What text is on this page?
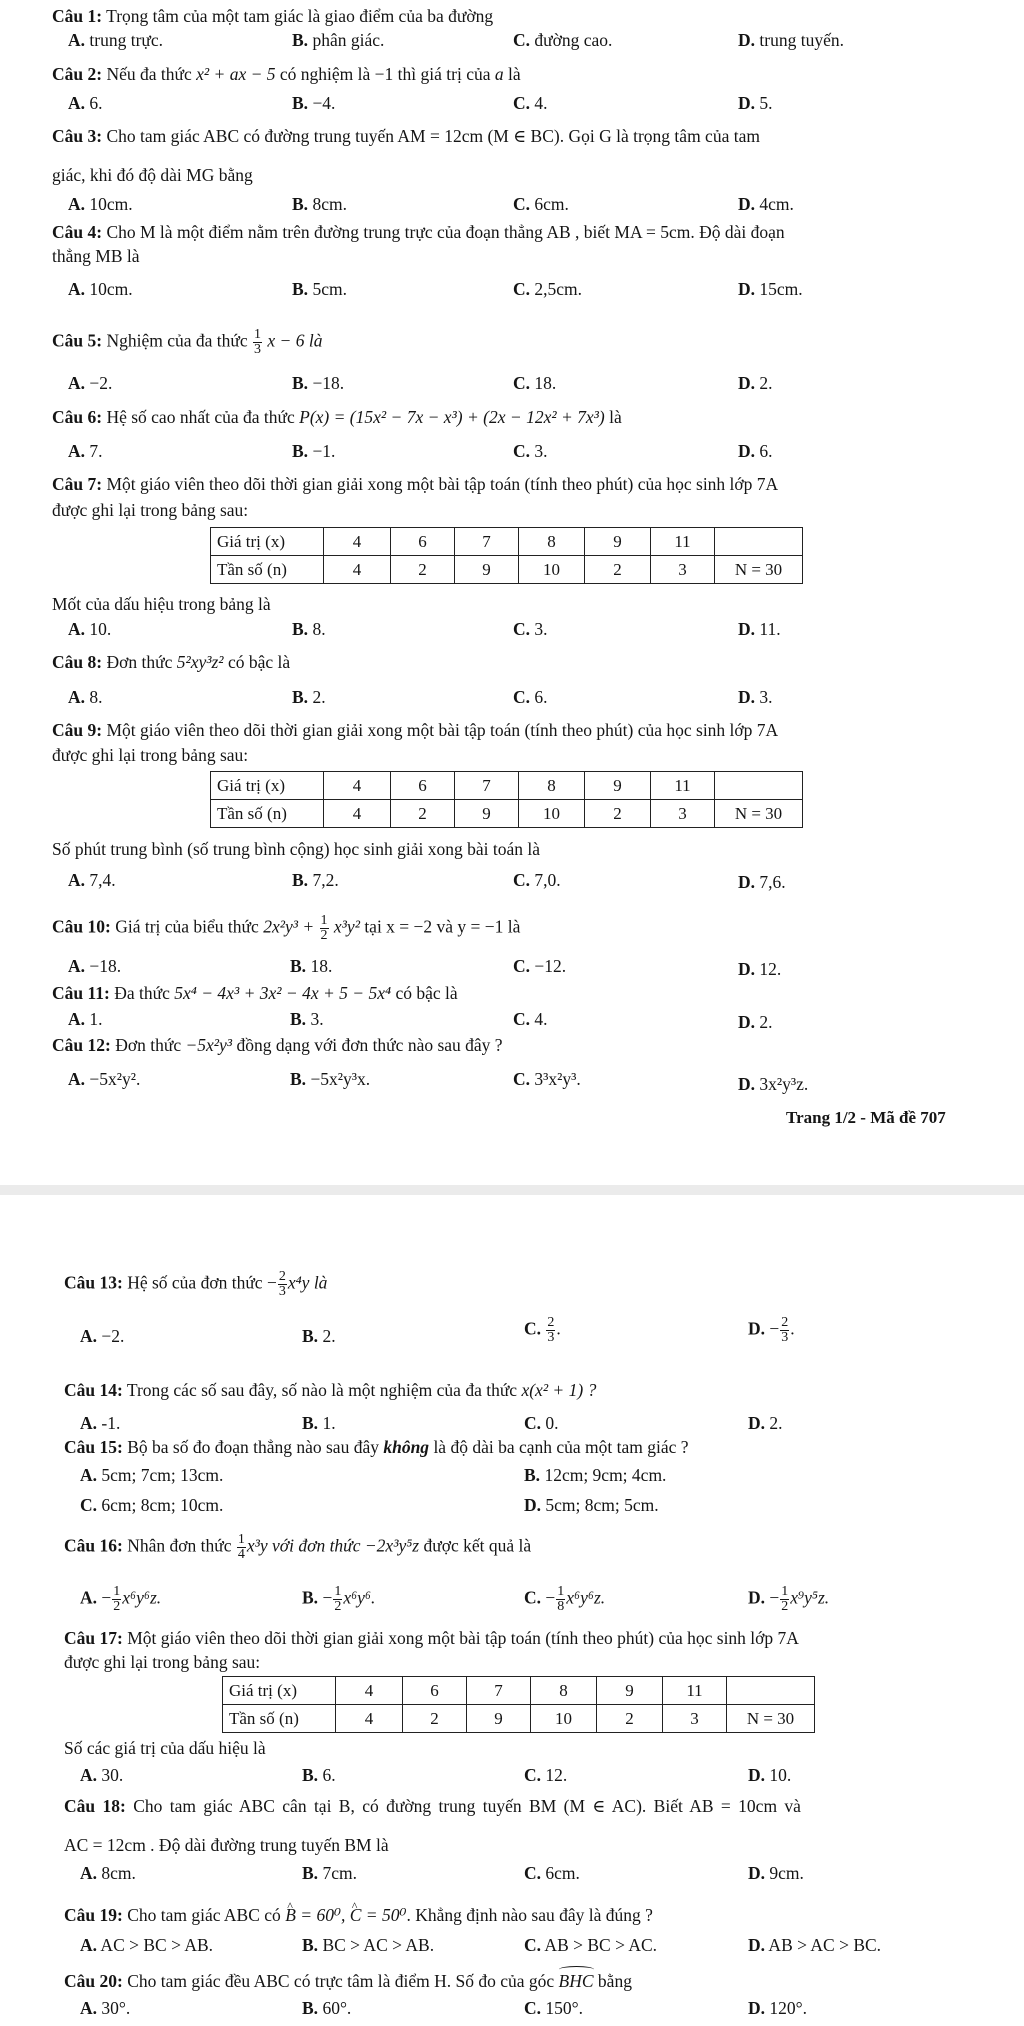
Câu 1: Trọng tâm của một tam giác là giao điểm của ba đường
A. trung trực.	B. phân giác.	C. đường cao.	D. trung tuyến.
Câu 2: Nếu đa thức x² + ax − 5 có nghiệm là −1 thì giá trị của a là
A. 6.	B. −4.	C. 4.	D. 5.
Câu 3: Cho tam giác ABC có đường trung tuyến AM = 12cm (M ∈ BC). Gọi G là trọng tâm của tam
giác, khi đó độ dài MG bằng
A. 10cm.	B. 8cm.	C. 6cm.	D. 4cm.
Câu 4: Cho M là một điểm nằm trên đường trung trực của đoạn thẳng AB , biết MA = 5cm. Độ dài đoạn
thẳng MB là
A. 10cm.	B. 5cm.	C. 2,5cm.	D. 15cm.
Câu 5: Nghiệm của đa thức $\frac{1}{3}$ x − 6 là
A. −2.	B. −18.	C. 18.	D. 2.
Câu 6: Hệ số cao nhất của đa thức P(x) = (15x² − 7x − x³) + (2x − 12x² + 7x³) là
A. 7.	B. −1.	C. 3.	D. 6.
Câu 7: Một giáo viên theo dõi thời gian giải xong một bài tập toán (tính theo phút) của học sinh lớp 7A
được ghi lại trong bảng sau:
Giá trị (x)	4	6	7	8	9	11	
Tần số (n)	4	2	9	10	2	3	N = 30
Mốt của dấu hiệu trong bảng là
A. 10.	B. 8.	C. 3.	D. 11.
Câu 8: Đơn thức 5²xy³z² có bậc là
A. 8.	B. 2.	C. 6.	D. 3.
Câu 9: Một giáo viên theo dõi thời gian giải xong một bài tập toán (tính theo phút) của học sinh lớp 7A
được ghi lại trong bảng sau:
Giá trị (x)	4	6	7	8	9	11	
Tần số (n)	4	2	9	10	2	3	N = 30
Số phút trung bình (số trung bình cộng) học sinh giải xong bài toán là
A. 7,4.	B. 7,2.	C. 7,0.	D. 7,6.
Câu 10: Giá trị của biểu thức $2x^2y^3 + \frac{1}{2} x^3y^2$ tại x = −2 và y = −1 là
A. −18.	B. 18.	C. −12.	D. 12.
Câu 11: Đa thức 5x⁴ − 4x³ + 3x² − 4x + 5 − 5x⁴ có bậc là
A. 1.	B. 3.	C. 4.	D. 2.
Câu 12: Đơn thức −5x²y³ đồng dạng với đơn thức nào sau đây ?
A. −5x²y².	B. −5x²y³x.	C. 3³x²y³.	D. 3x²y³z.
Trang 1/2 - Mã đề 707
Câu 13: Hệ số của đơn thức − $\frac{2}{3} x^4y$ là
A. −2.	B. 2.	C. $\frac{2}{3}$ .	D. − $\frac{2}{3}$ .
Câu 14: Trong các số sau đây, số nào là một nghiệm của đa thức x(x² + 1) ?
A. -1.	B. 1.	C. 0.	D. 2.
Câu 15: Bộ ba số đo đoạn thẳng nào sau đây không là độ dài ba cạnh của một tam giác ?
A. 5cm; 7cm; 13cm.	B. 12cm; 9cm; 4cm.
C. 6cm; 8cm; 10cm.	D. 5cm; 8cm; 5cm.
Câu 16: Nhân đơn thức $\frac{1}{4} x^3y$ với đơn thức −2x³y⁵z được kết quả là
A. − $\frac{1}{2} x^6y^6z$.	B. − $\frac{1}{2} x^6y^6$.	C. − $\frac{1}{8} x^6y^6z$.	D. − $\frac{1}{2} x^9y^5z$.
Câu 17: Một giáo viên theo dõi thời gian giải xong một bài tập toán (tính theo phút) của học sinh lớp 7A
được ghi lại trong bảng sau:
Giá trị (x)	4	6	7	8	9	11	
Tần số (n)	4	2	9	10	2	3	N = 30
Số các giá trị của dấu hiệu là
A. 30.	B. 6.	C. 12.	D. 10.
Câu 18: Cho tam giác ABC cân tại B, có đường trung tuyến BM (M ∈ AC). Biết AB = 10cm và
AC = 12cm . Độ dài đường trung tuyến BM là
A. 8cm.	B. 7cm.	C. 6cm.	D. 9cm.
Câu 19: Cho tam giác ABC có ^ B = 60⁰, ^ C = 50⁰. Khẳng định nào sau đây là đúng ?
A. AC > BC > AB.	B. BC > AC > AB.	C. AB > BC > AC.	D. AB > AC > BC.
Câu 20: Cho tam giác đều ABC có trực tâm là điểm H. Số đo của góc BHC bằng
A. 30°.	B. 60°.	C. 150°.	D. 120°.
